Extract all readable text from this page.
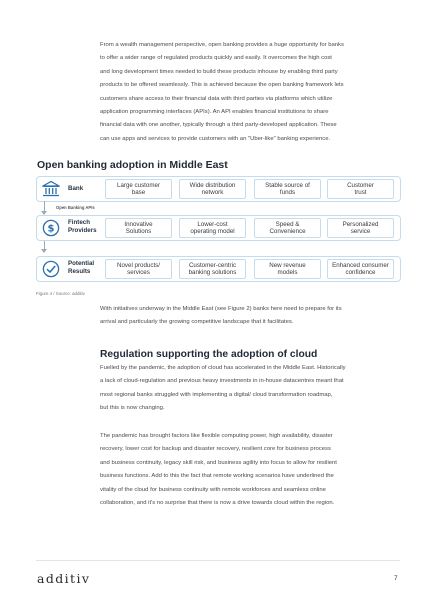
From a wealth management perspective, open banking provides a huge opportunity for banks
to offer a wider range of regulated products quickly and easily. It overcomes the high cost
and long development times needed to build these products inhouse by enabling third party
products to be offered seamlessly. This is achieved because the open banking framework lets
customers share access to their financial data with third parties via platforms which utilize
application programming interfaces (APIs). An API enables financial institutions to share
financial data with one another, typically through a third party-developed application. These
can use apps and services to provide customers with an "Uber-like" banking experience.
Open banking adoption in Middle East
Bank	Large customer
base
Wide distribution
network
Stable source of
funds
Customer
trust
Open Banking APIs
$
Fintech
Providers
Innovative
Solutions
Lower-cost
operating model
Speed &
Convenience
Personalized
service
Potential
Results
Novel products/
services
Customer-centric
banking solutions
New revenue
models
Enhanced consumer
confidence
Figure 4 / Source: additiv
With initiatives underway in the Middle East (see Figure 2) banks here need to prepare for its
arrival and particularly the growing competitive landscape that it facilitates.
Regulation supporting the adoption of cloud
Fuelled by the pandemic, the adoption of cloud has accelerated in the Middle East. Historically
a lack of cloud-regulation and previous heavy investments in in-house datacentres meant that
most regional banks struggled with implementing a digital/ cloud transformation roadmap,
but this is now changing.
The pandemic has brought factors like flexible computing power, high availability, disaster
recovery, lower cost for backup and disaster recovery, resilient core for business process
and business continuity, legacy skill risk, and business agility into focus to allow for resilient
business functions. Add to this the fact that remote working scenarios have underlined the
vitality of the cloud for business continuity with remote workforces and seamless online
collaboration, and it's no surprise that there is now a drive towards cloud within the region.
additiv	7
